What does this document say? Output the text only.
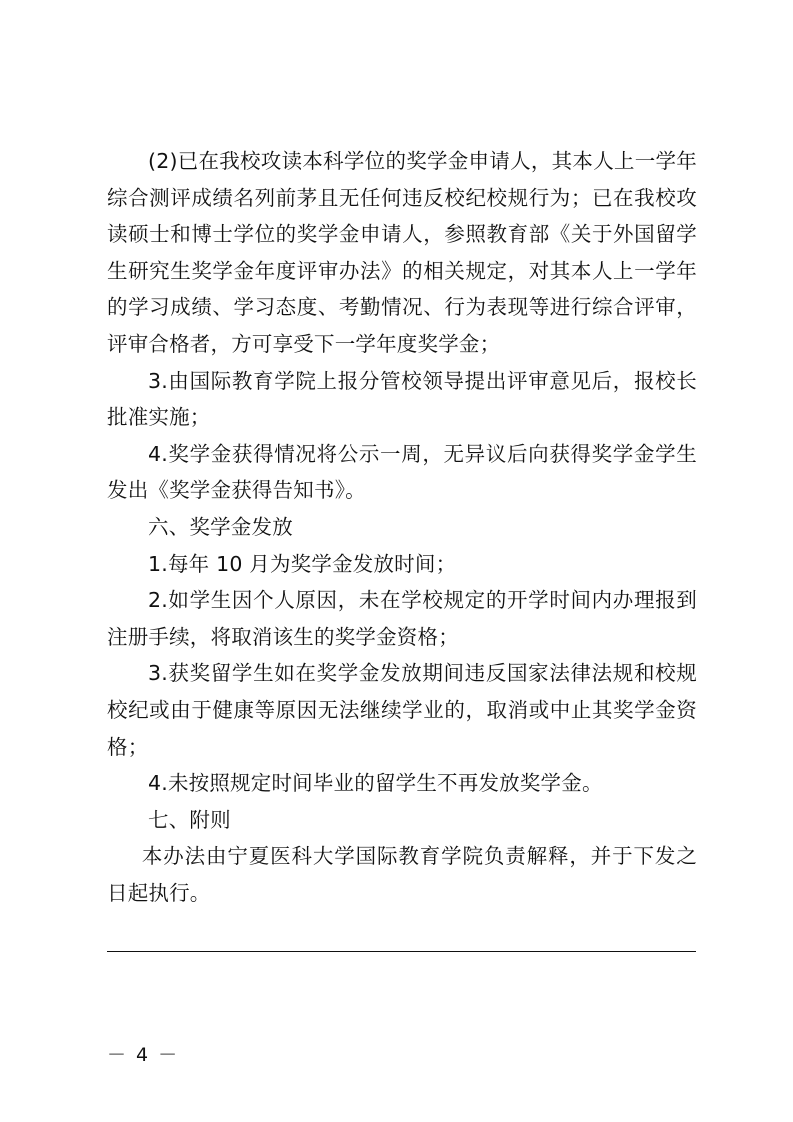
(2)已在我校攻读本科学位的奖学金申请人，其本人上一学年综合测评成绩名列前茅且无任何违反校纪校规行为；已在我校攻读硕士和博士学位的奖学金申请人，参照教育部《关于外国留学生研究生奖学金年度评审办法》的相关规定，对其本人上一学年的学习成绩、学习态度、考勤情况、行为表现等进行综合评审，评审合格者，方可享受下一学年度奖学金；

3.由国际教育学院上报分管校领导提出评审意见后，报校长批准实施；

4.奖学金获得情况将公示一周，无异议后向获得奖学金学生发出《奖学金获得告知书》。

六、奖学金发放

1.每年 10 月为奖学金发放时间；

2.如学生因个人原因，未在学校规定的开学时间内办理报到注册手续，将取消该生的奖学金资格；

3.获奖留学生如在奖学金发放期间违反国家法律法规和校规校纪或由于健康等原因无法继续学业的，取消或中止其奖学金资格；

4.未按照规定时间毕业的留学生不再发放奖学金。

七、附则

本办法由宁夏医科大学国际教育学院负责解释，并于下发之日起执行。

－ 4 －
